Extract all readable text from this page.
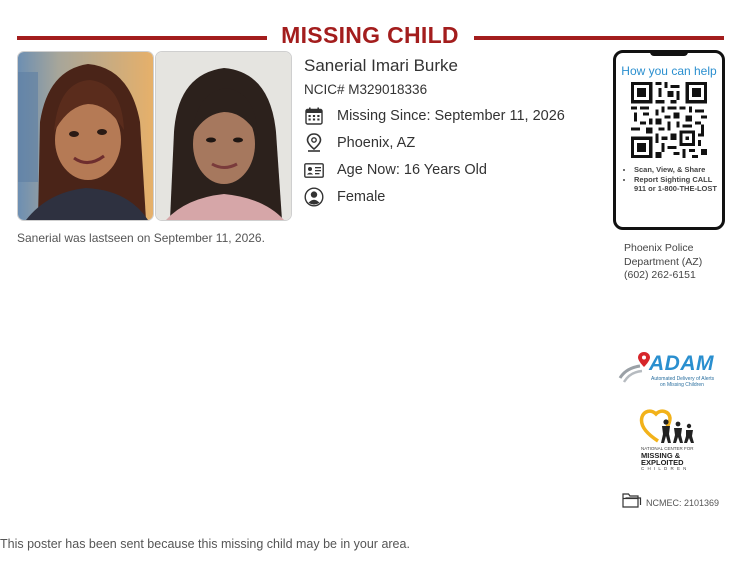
MISSING CHILD
Sanerial was lastseen on September 11, 2026.
Sanerial Imari Burke
NCIC# M329018336
Missing Since: September 11, 2026
Phoenix, AZ
Age Now: 16 Years Old
Female
How you can help
• Scan, View, & Share
• Report Sighting CALL 911 or 1-800-THE-LOST
Phoenix Police
Department (AZ)
(602) 262-6151
ADAM
Automated Delivery of Alerts
on Missing Children
NATIONAL CENTER FOR
MISSING &
EXPLOITED
CHILDREN
NCMEC: 2101369
This poster has been sent because this missing child may be in your area.
